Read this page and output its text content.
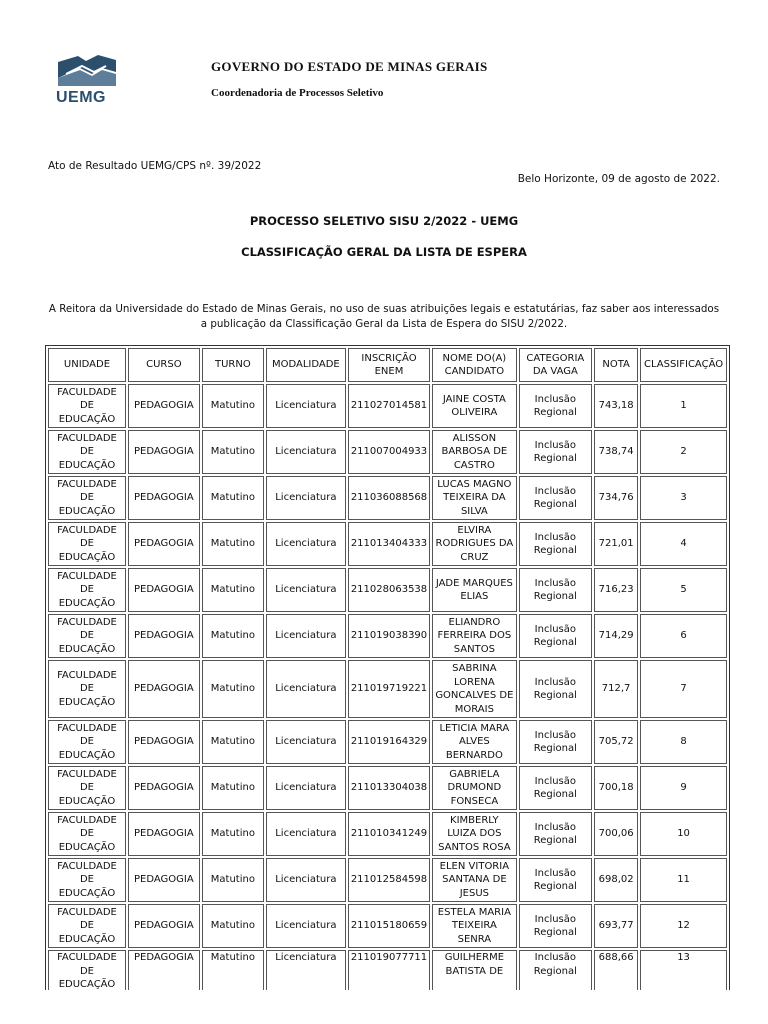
UEMG
GOVERNO DO ESTADO DE MINAS GERAIS
Coordenadoria de Processos Seletivo
Ato de Resultado UEMG/CPS nº. 39/2022
Belo Horizonte, 09 de agosto de 2022.
PROCESSO SELETIVO SISU 2/2022 - UEMG
CLASSIFICAÇÃO GERAL DA LISTA DE ESPERA
A Reitora da Universidade do Estado de Minas Gerais, no uso de suas atribuições legais e estatutárias, faz saber aos interessados a publicação da Classificação Geral da Lista de Espera do SISU 2/2022.
UNIDADE	CURSO	TURNO	MODALIDADE	INSCRIÇÃO ENEM	NOME DO(A) CANDIDATO	CATEGORIA DA VAGA	NOTA	CLASSIFICAÇÃO
FACULDADE DE EDUCAÇÃO	PEDAGOGIA	Matutino	Licenciatura	211027014581	JAINE COSTA OLIVEIRA	Inclusão Regional	743,18	1
FACULDADE DE EDUCAÇÃO	PEDAGOGIA	Matutino	Licenciatura	211007004933	ALISSON BARBOSA DE CASTRO	Inclusão Regional	738,74	2
FACULDADE DE EDUCAÇÃO	PEDAGOGIA	Matutino	Licenciatura	211036088568	LUCAS MAGNO TEIXEIRA DA SILVA	Inclusão Regional	734,76	3
FACULDADE DE EDUCAÇÃO	PEDAGOGIA	Matutino	Licenciatura	211013404333	ELVIRA RODRIGUES DA CRUZ	Inclusão Regional	721,01	4
FACULDADE DE EDUCAÇÃO	PEDAGOGIA	Matutino	Licenciatura	211028063538	JADE MARQUES ELIAS	Inclusão Regional	716,23	5
FACULDADE DE EDUCAÇÃO	PEDAGOGIA	Matutino	Licenciatura	211019038390	ELIANDRO FERREIRA DOS SANTOS	Inclusão Regional	714,29	6
FACULDADE DE EDUCAÇÃO	PEDAGOGIA	Matutino	Licenciatura	211019719221	SABRINA LORENA GONCALVES DE MORAIS	Inclusão Regional	712,7	7
FACULDADE DE EDUCAÇÃO	PEDAGOGIA	Matutino	Licenciatura	211019164329	LETICIA MARA ALVES BERNARDO	Inclusão Regional	705,72	8
FACULDADE DE EDUCAÇÃO	PEDAGOGIA	Matutino	Licenciatura	211013304038	GABRIELA DRUMOND FONSECA	Inclusão Regional	700,18	9
FACULDADE DE EDUCAÇÃO	PEDAGOGIA	Matutino	Licenciatura	211010341249	KIMBERLY LUIZA DOS SANTOS ROSA	Inclusão Regional	700,06	10
FACULDADE DE EDUCAÇÃO	PEDAGOGIA	Matutino	Licenciatura	211012584598	ELEN VITORIA SANTANA DE JESUS	Inclusão Regional	698,02	11
FACULDADE DE EDUCAÇÃO	PEDAGOGIA	Matutino	Licenciatura	211015180659	ESTELA MARIA TEIXEIRA SENRA	Inclusão Regional	693,77	12
FACULDADE DE EDUCAÇÃO	PEDAGOGIA	Matutino	Licenciatura	211019077711	GUILHERME BATISTA DE	Inclusão Regional	688,66	13
